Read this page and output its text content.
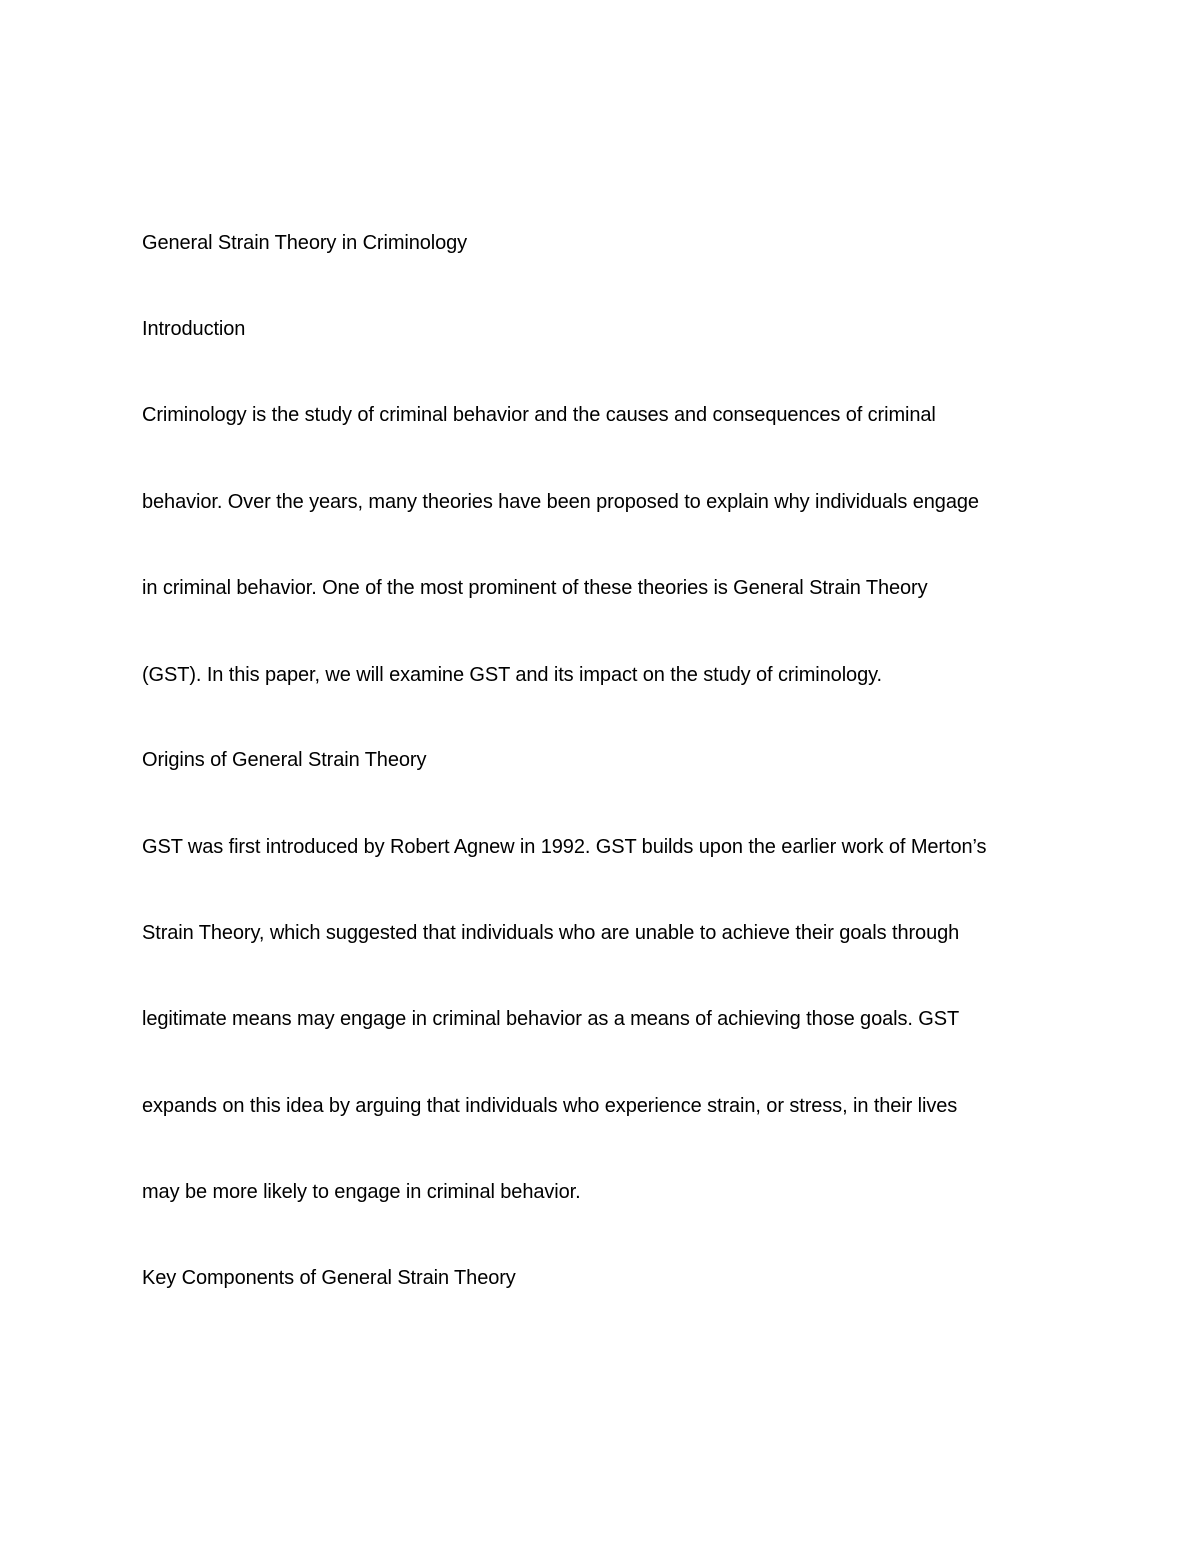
General Strain Theory in Criminology

Introduction

Criminology is the study of criminal behavior and the causes and consequences of criminal

behavior. Over the years, many theories have been proposed to explain why individuals engage

in criminal behavior. One of the most prominent of these theories is General Strain Theory

(GST). In this paper, we will examine GST and its impact on the study of criminology.

Origins of General Strain Theory

GST was first introduced by Robert Agnew in 1992. GST builds upon the earlier work of Merton’s

Strain Theory, which suggested that individuals who are unable to achieve their goals through

legitimate means may engage in criminal behavior as a means of achieving those goals. GST

expands on this idea by arguing that individuals who experience strain, or stress, in their lives

may be more likely to engage in criminal behavior.

Key Components of General Strain Theory
